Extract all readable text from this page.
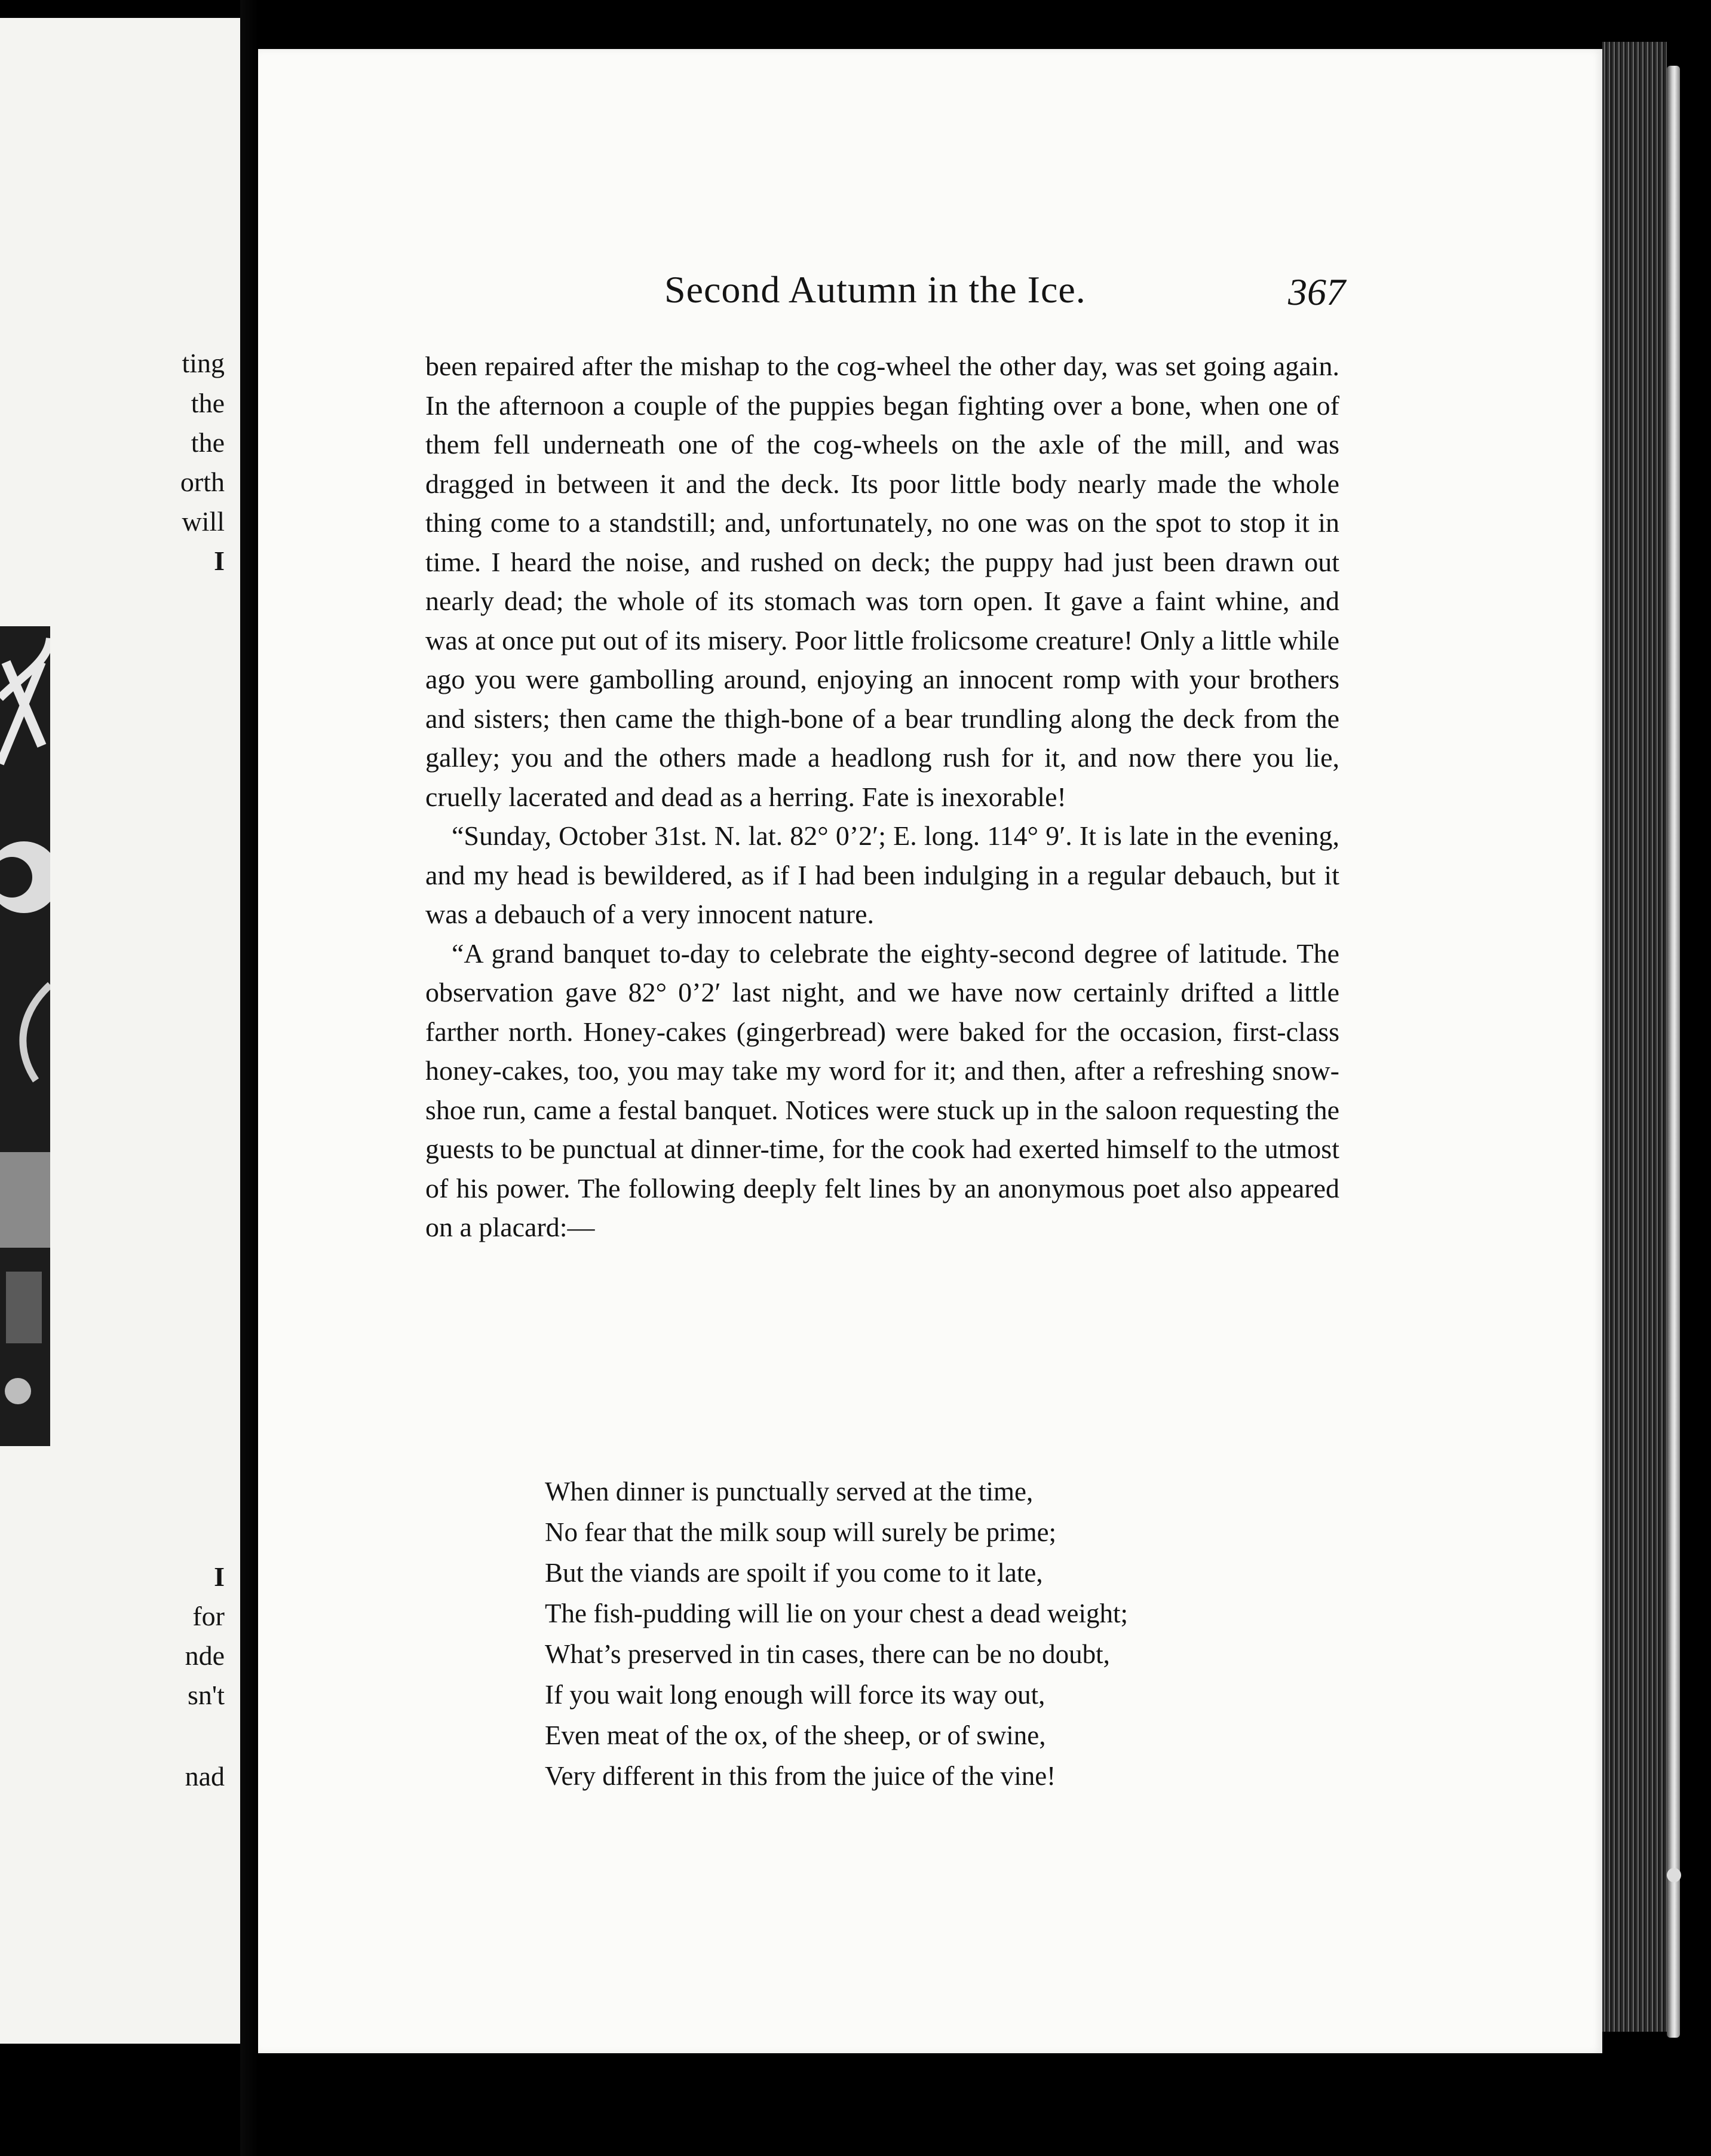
ting
the
the
orth
will
I
I
for
nde
sn't
nad
Second Autumn in the Ice.	367

been repaired after the mishap to the cog-wheel the other day, was set going again. In the afternoon a couple of the puppies began fighting over a bone, when one of them fell underneath one of the cog-wheels on the axle of the mill, and was dragged in between it and the deck. Its poor little body nearly made the whole thing come to a standstill; and, unfortunately, no one was on the spot to stop it in time. I heard the noise, and rushed on deck; the puppy had just been drawn out nearly dead; the whole of its stomach was torn open. It gave a faint whine, and was at once put out of its misery. Poor little frolicsome creature! Only a little while ago you were gambolling around, enjoying an innocent romp with your brothers and sisters; then came the thigh-bone of a bear trundling along the deck from the galley; you and the others made a headlong rush for it, and now there you lie, cruelly lacerated and dead as a herring. Fate is inexorable!

“Sunday, October 31st. N. lat. 82° 0’2′; E. long. 114° 9′. It is late in the evening, and my head is bewildered, as if I had been indulging in a regular debauch, but it was a debauch of a very innocent nature.

“A grand banquet to-day to celebrate the eighty-second degree of latitude. The observation gave 82° 0’2′ last night, and we have now certainly drifted a little farther north. Honey-cakes (gingerbread) were baked for the occasion, first-class honey-cakes, too, you may take my word for it; and then, after a refreshing snow-shoe run, came a festal banquet. Notices were stuck up in the saloon requesting the guests to be punctual at dinner-time, for the cook had exerted himself to the utmost of his power. The following deeply felt lines by an anonymous poet also appeared on a placard:—

When dinner is punctually served at the time,
No fear that the milk soup will surely be prime;
But the viands are spoilt if you come to it late,
The fish-pudding will lie on your chest a dead weight;
What’s preserved in tin cases, there can be no doubt,
If you wait long enough will force its way out,
Even meat of the ox, of the sheep, or of swine,
Very different in this from the juice of the vine!
